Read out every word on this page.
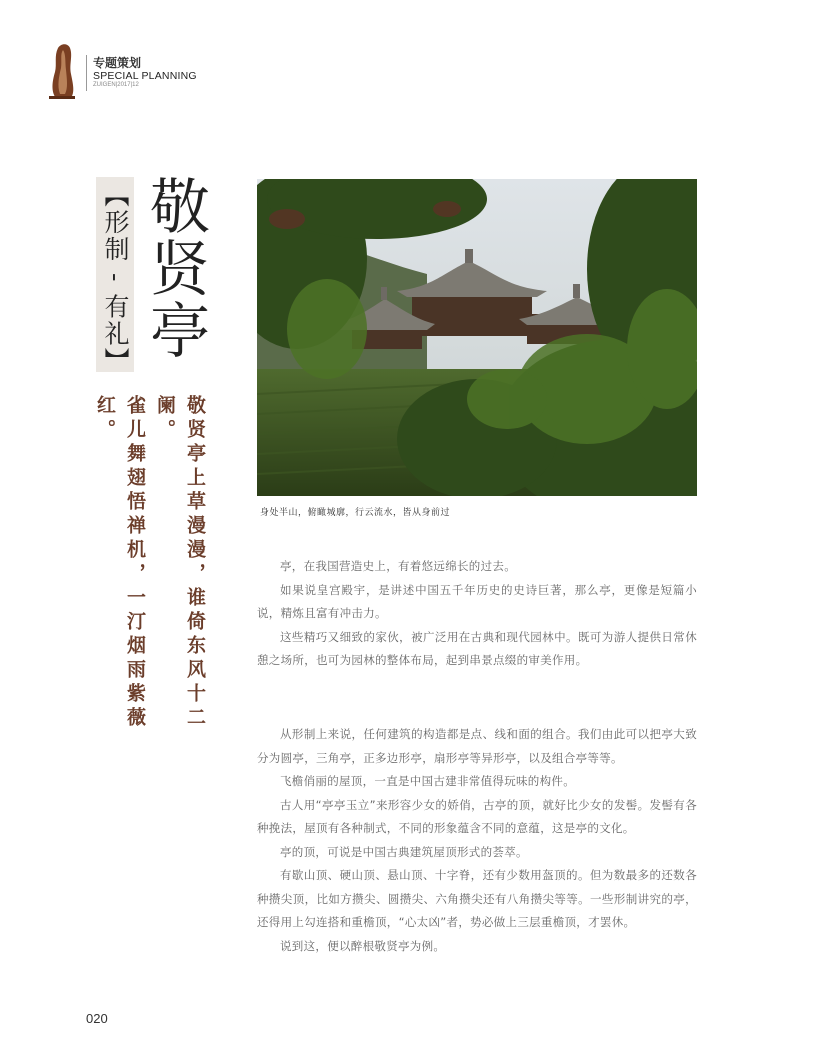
专题策划
SPECIAL PLANNING
ZUIGEN|2017|12
【形制 - 有礼】 敬贤亭
敬贤亭上草漫漫，谁倚东风十二阑。
雀儿舞翅悟禅机，一汀烟雨紫薇红。
身处半山，俯瞰城廓，行云流水，皆从身前过

亭，在我国营造史上，有着悠远绵长的过去。

如果说皇宫殿宇，是讲述中国五千年历史的史诗巨著，那么亭，更像是短篇小说，精炼且富有冲击力。

这些精巧又细致的家伙，被广泛用在古典和现代园林中。既可为游人提供日常休憩之场所，也可为园林的整体布局，起到串景点缀的审美作用。

从形制上来说，任何建筑的构造都是点、线和面的组合。我们由此可以把亭大致分为圆亭，三角亭，正多边形亭，扇形亭等异形亭，以及组合亭等等。

飞檐俏丽的屋顶，一直是中国古建非常值得玩味的构件。

古人用“亭亭玉立”来形容少女的娇俏，古亭的顶，就好比少女的发髻。发髻有各种挽法，屋顶有各种制式，不同的形象蕴含不同的意蕴，这是亭的文化。

亭的顶，可说是中国古典建筑屋顶形式的荟萃。

有歇山顶、硬山顶、悬山顶、十字脊，还有少数用盔顶的。但为数最多的还数各种攒尖顶，比如方攒尖、圆攒尖、六角攒尖还有八角攒尖等等。一些形制讲究的亭，还得用上勾连搭和重檐顶，“心太凶”者，势必做上三层重檐顶，才罢休。

说到这，便以醉根敬贤亭为例。

020
